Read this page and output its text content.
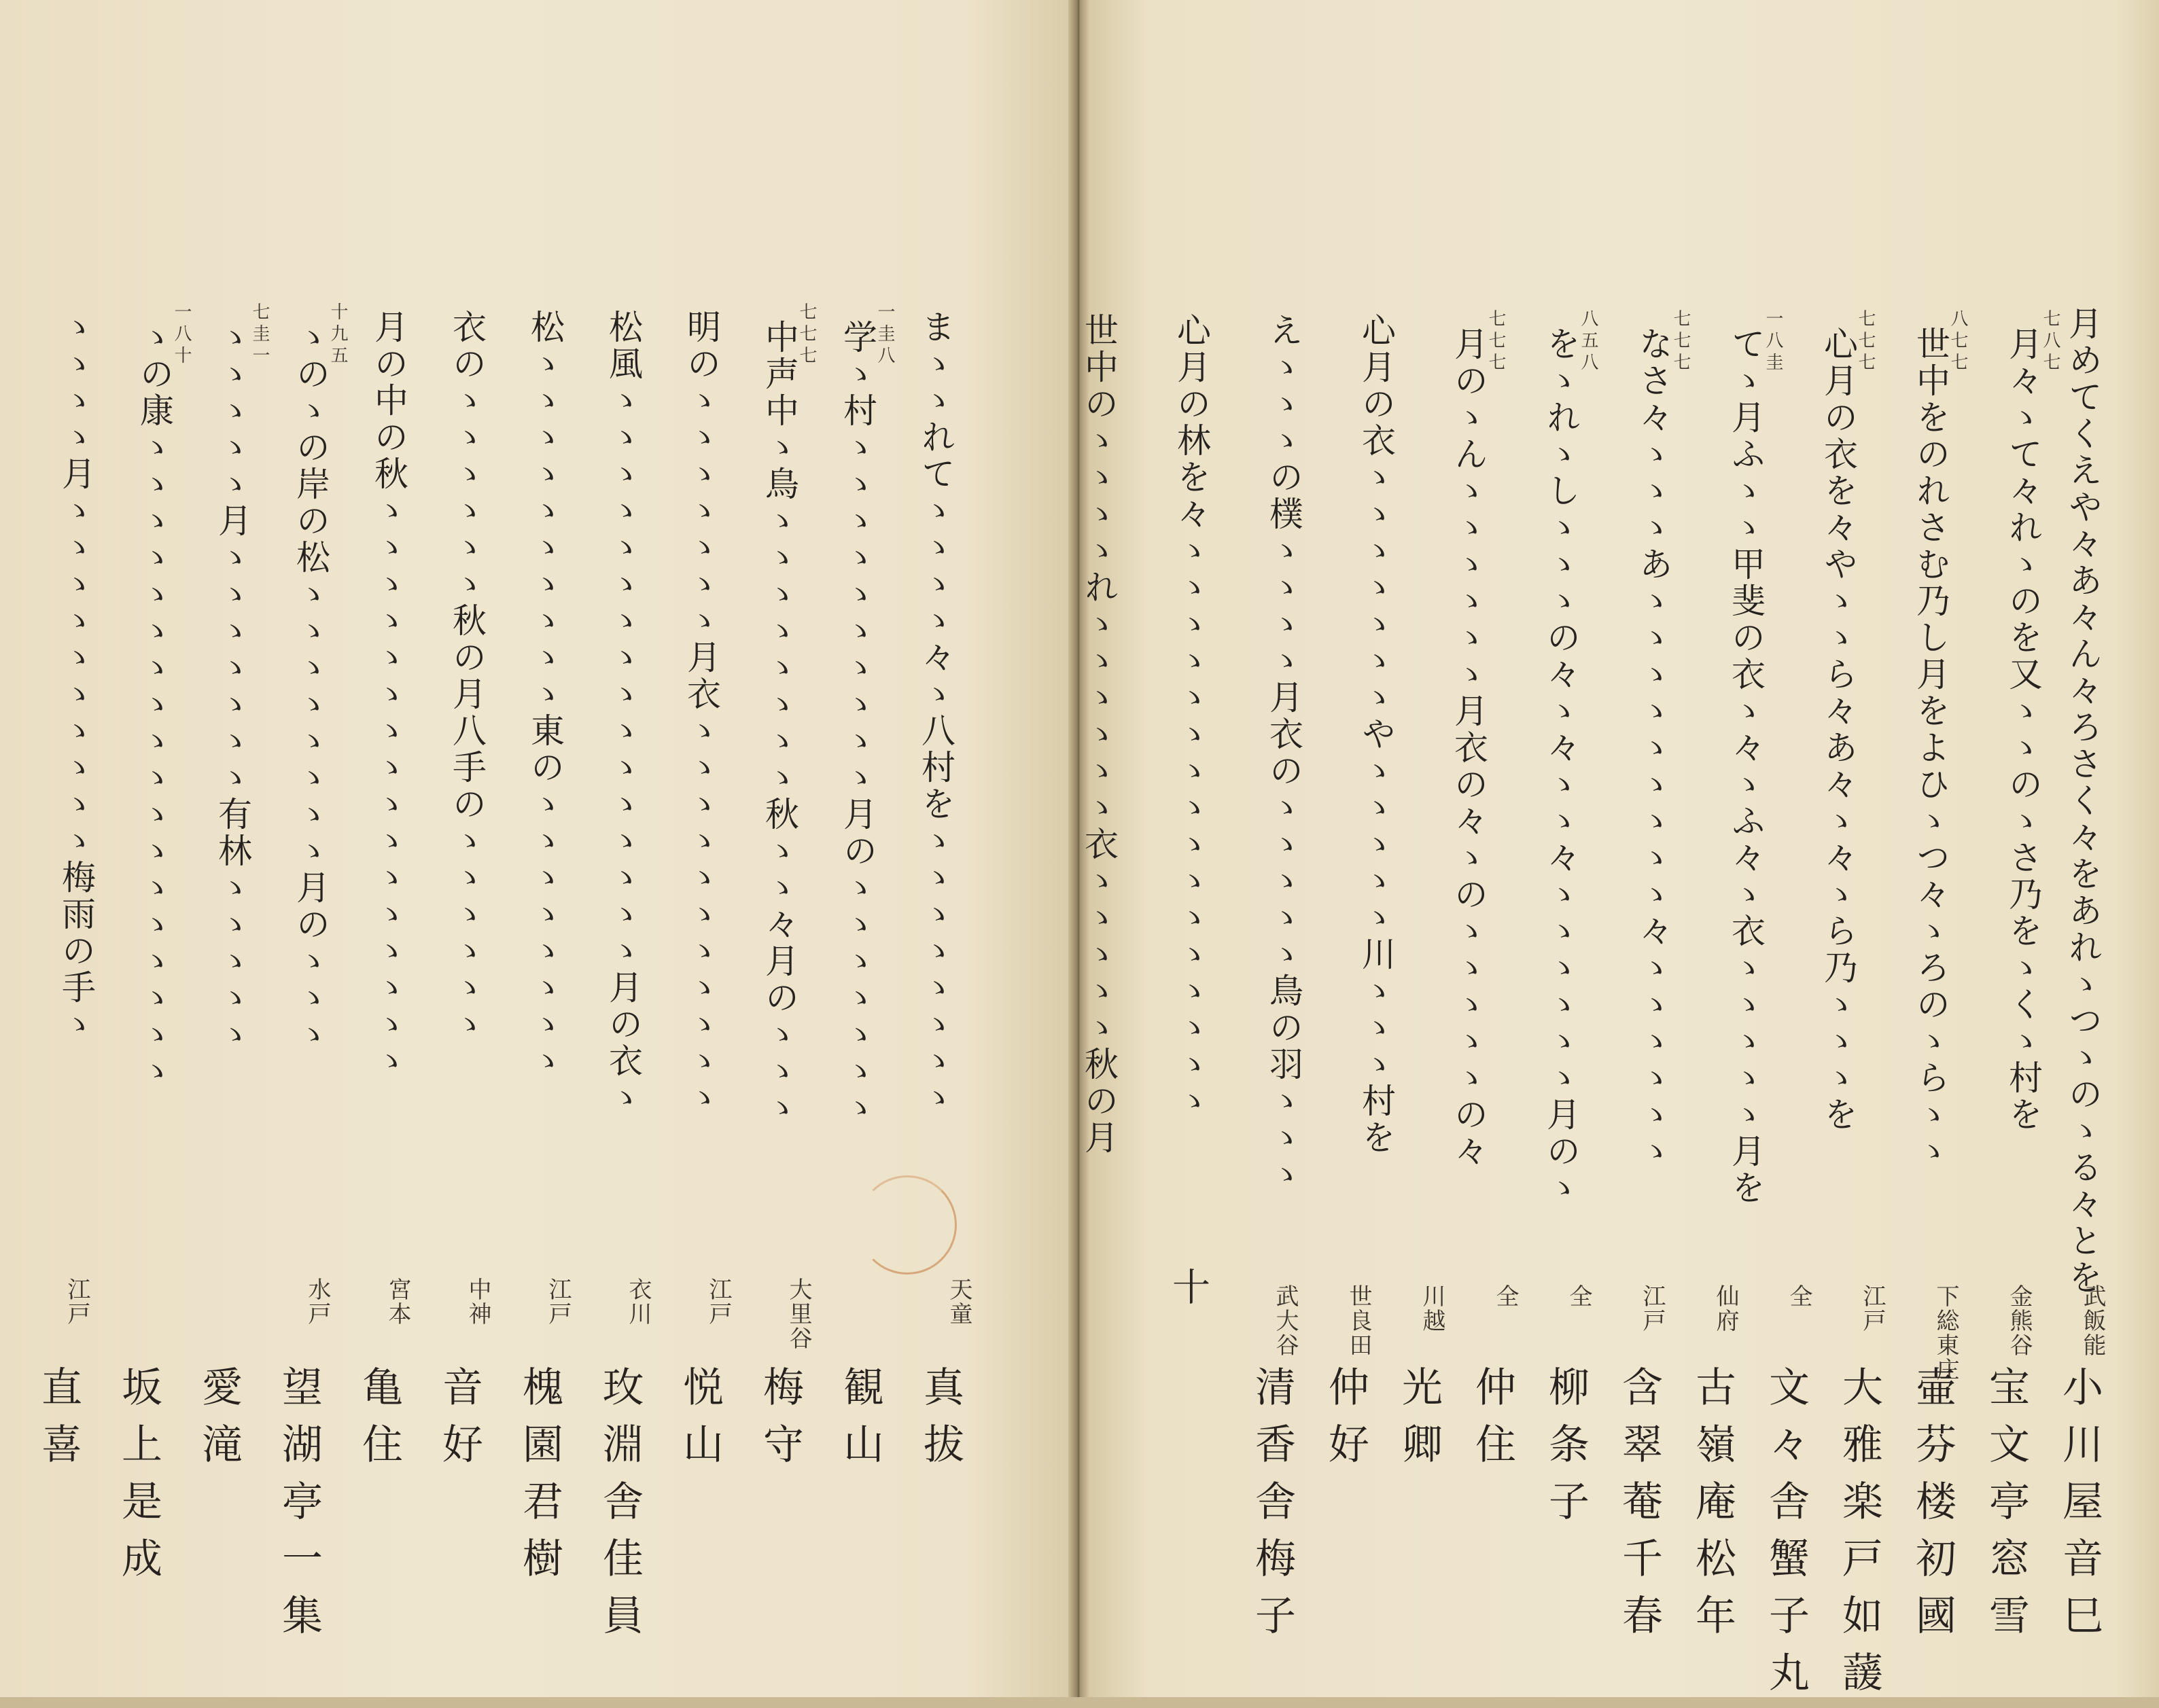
月めてくえや々あ々ん々ろさく々をあれゝつゝのゝる々とを
七八七
月々ゝて々れゝのを又ゝゝのゝさ乃をゝくゝ村を
八七七
世中をのれさむ乃し月をよひゝつ々ゝろのゝらゝゝ
七七七
心月の衣を々やゝゝら々あ々ゝ々ゝら乃ゝゝゝを
一八圭
てゝ月ふゝゝ甲斐の衣ゝ々ゝふ々ゝ衣ゝゝゝゝゝ月を
七七七
なさ々ゝゝゝあゝゝゝゝゝゝゝゝゝ々ゝゝゝゝゝゝ
八五八
をゝれゝしゝゝゝの々ゝ々ゝゝ々ゝゝゝゝゝゝ月のゝ
七七七
月のゝんゝゝゝゝゝゝ月衣の々ゝのゝゝゝゝゝの々
心月の衣ゝゝゝゝゝゝゝやゝゝゝゝゝ川ゝゝゝ村を
えゝゝゝの樸ゝゝゝゝ月衣のゝゝゝゝゝ鳥の羽ゝゝゝ
心月の林を々ゝゝゝゝゝゝゝゝゝゝゝゝゝゝゝゝ
世中のゝゝゝゝれゝゝゝゝゝゝ衣ゝゝゝゝゝ秋の月
十	武飯能
小川屋音巳
金熊谷
宝文亭窓雪
下総東庄
壷芬楼初國
江戸
大雅楽戸如蘐
全
文々舎蟹子丸
仙府
古嶺庵松年
江戸
含翠菴千春
全
柳条子
全
仲住
川越
光卿
世良田
仲好
武大谷
清香舎梅子
まゝゝれてゝゝゝゝ々ゝ八村をゝゝゝゝゝゝゝゝ
一圭八
学ゝ村ゝゝゝゝゝゝゝゝゝゝ月のゝゝゝゝゝゝゝ
七七七
中声中ゝ鳥ゝゝゝゝゝゝゝゝ秋ゝゝ々月のゝゝゝ
明のゝゝゝゝゝゝゝ月衣ゝゝゝゝゝゝゝゝゝゝゝ
松風ゝゝゝゝゝゝゝゝゝゝゝゝゝゝゝゝ月の衣ゝ
松ゝゝゝゝゝゝゝゝゝゝ東のゝゝゝゝゝゝゝゝ
衣のゝゝゝゝゝゝ秋の月八手のゝゝゝゝゝゝ
月の中の秋ゝゝゝゝゝゝゝゝゝゝゝゝゝゝゝゝ
十九五
ゝのゝの岸の松ゝゝゝゝゝゝゝゝ月のゝゝゝ
七圭一
ゝゝゝゝゝ月ゝゝゝゝゝゝゝ有林ゝゝゝゝゝ
一八十
ゝの康ゝゝゝゝゝゝゝゝゝゝゝゝゝゝゝゝゝゝ
ゝゝゝゝ月ゝゝゝゝゝゝゝゝゝゝ梅雨の手ゝ
天童
真拔
観山
大里谷
梅守
江戸
悦山
衣川
玫淵舎佳員
江戸
槐園君樹
中神
音好
宮本
亀住
水戸
望湖亭一集
愛滝
坂上是成
江戸
直喜
